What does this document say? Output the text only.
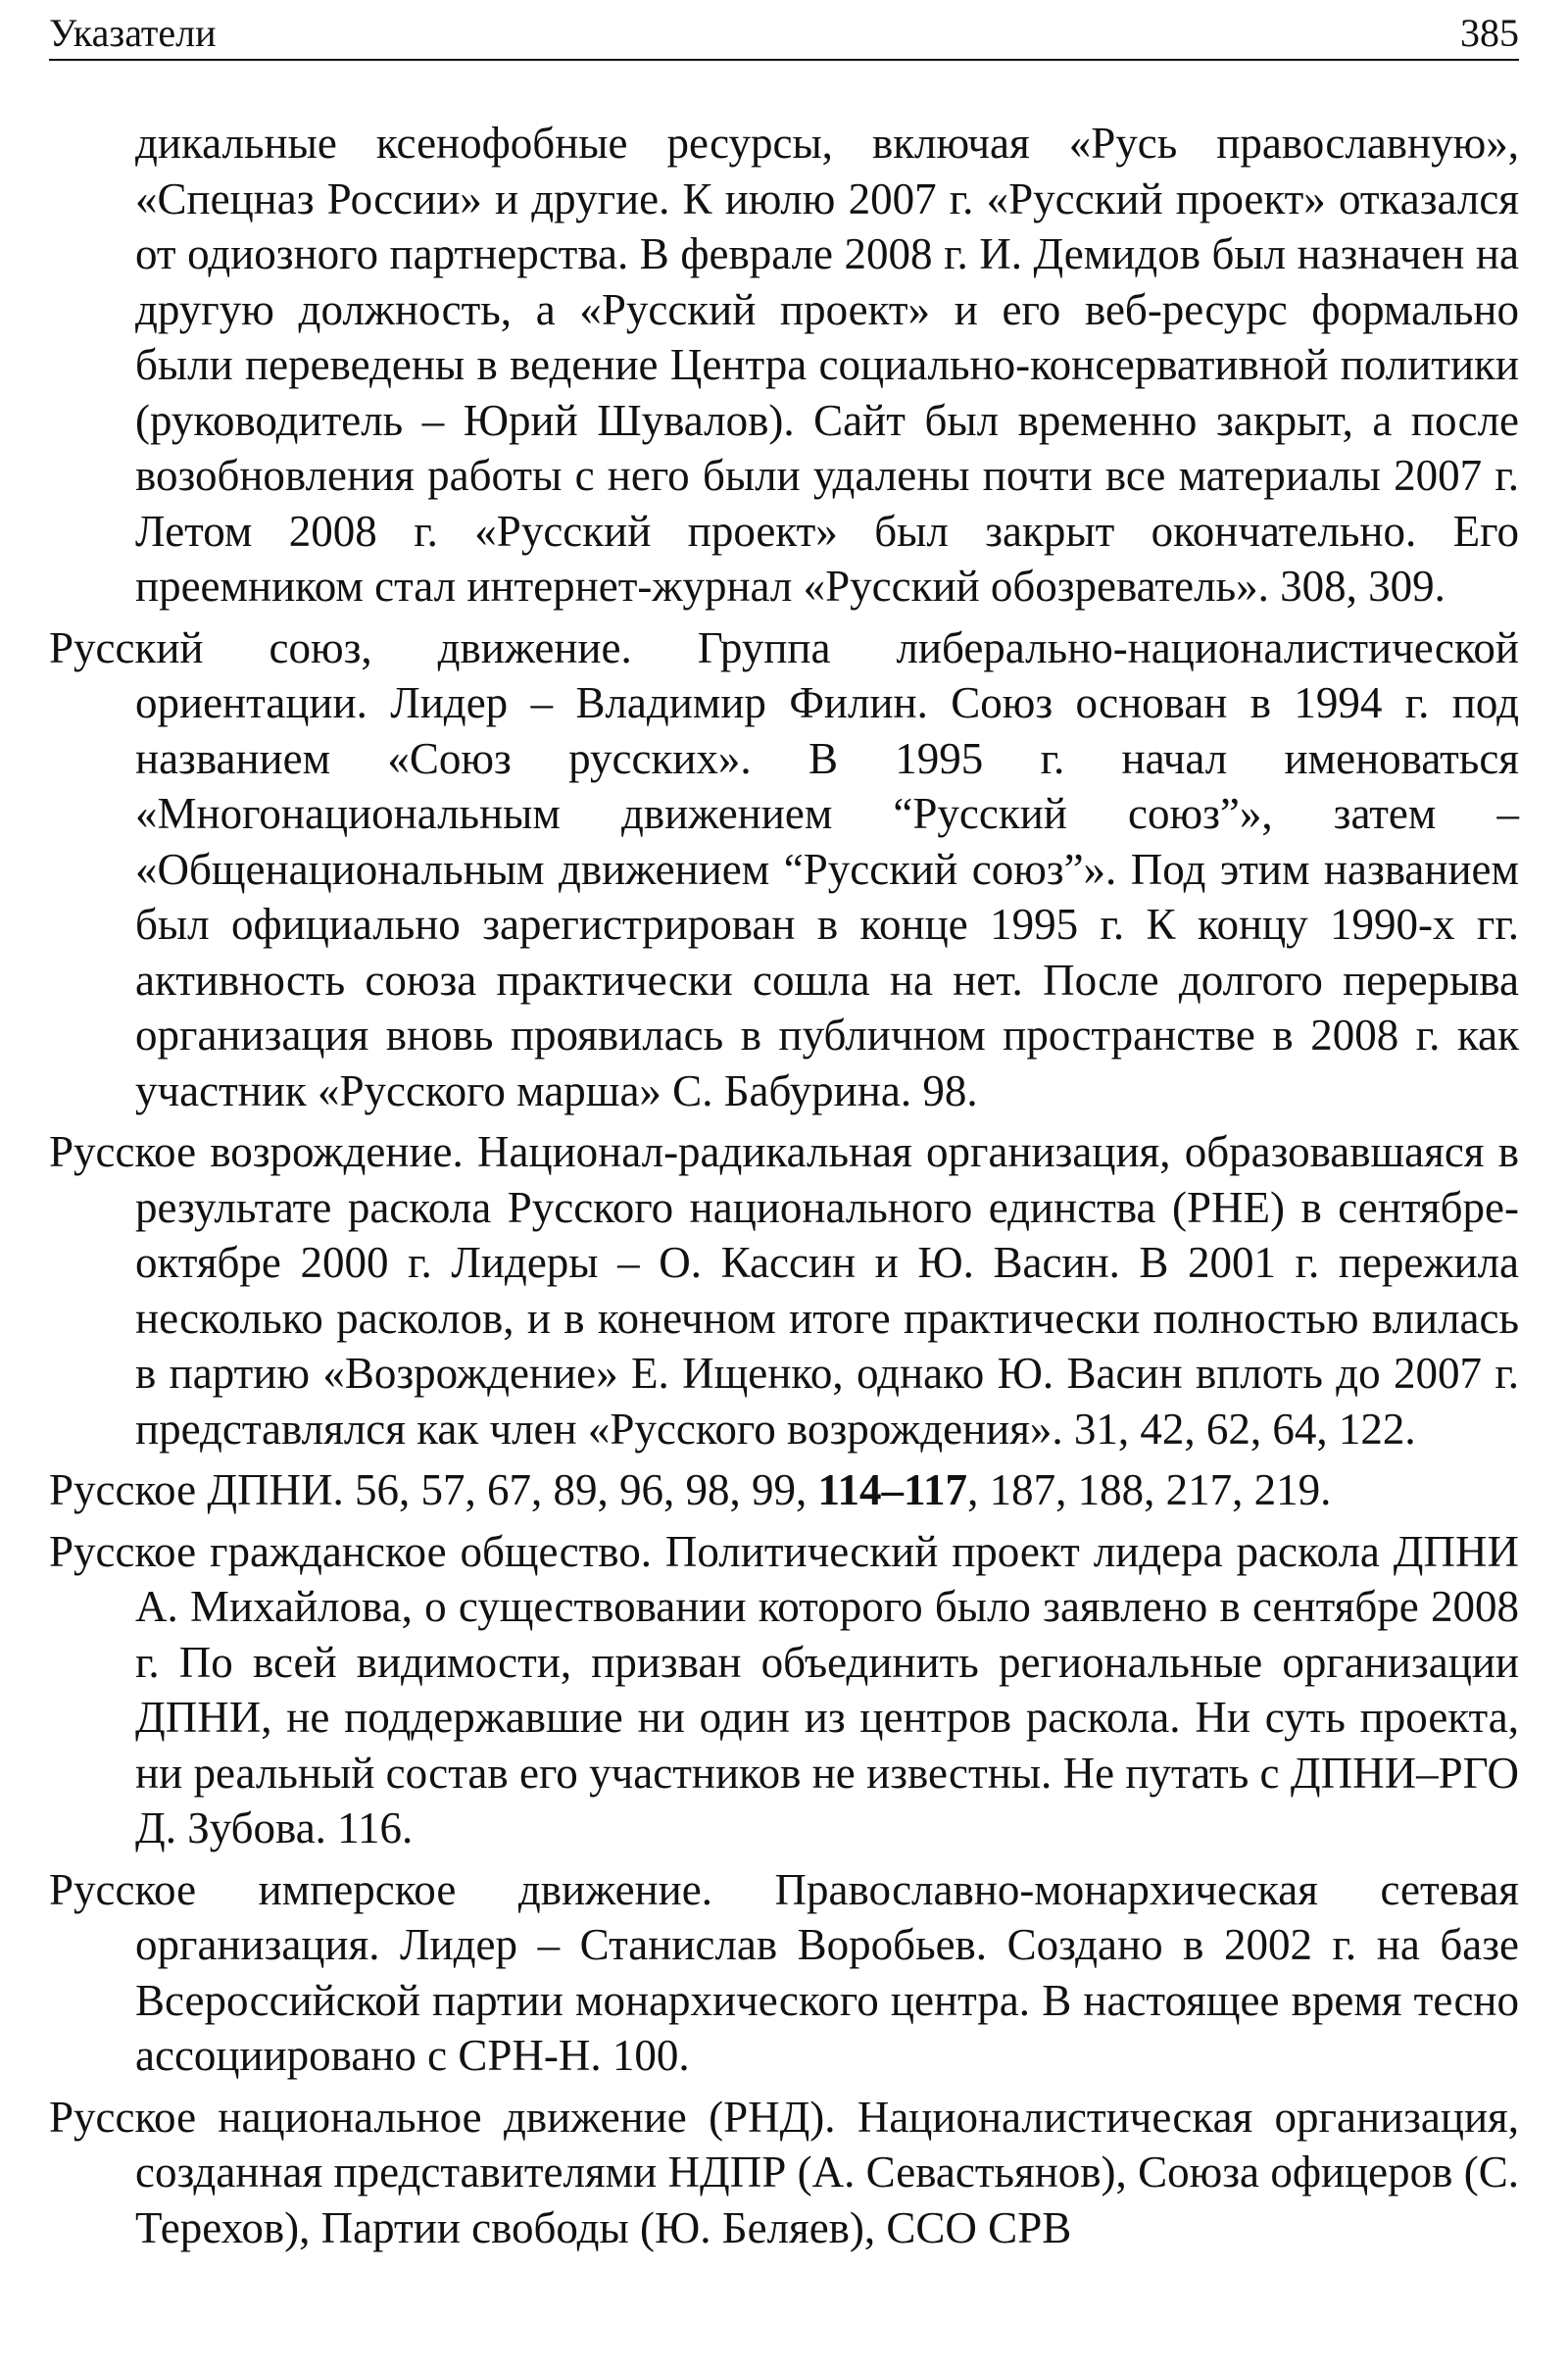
Указатели	385

дикальные ксенофобные ресурсы, включая «Русь православную», «Спецназ России» и другие. К июлю 2007 г. «Русский проект» отказался от одиозного партнерства. В феврале 2008 г. И. Демидов был назначен на другую должность, а «Русский проект» и его веб-ресурс формально были переведены в ведение Центра социально-консервативной политики (руководитель – Юрий Шувалов). Сайт был временно закрыт, а после возобновления работы с него были удалены почти все материалы 2007 г. Летом 2008 г. «Русский проект» был закрыт окончательно. Его преемником стал интернет-журнал «Русский обозреватель». 308, 309.

Русский союз, движение. Группа либерально-националистической ориентации. Лидер – Владимир Филин. Союз основан в 1994 г. под названием «Союз русских». В 1995 г. начал именоваться «Многонациональным движением “Русский союз”», затем – «Общенациональным движением “Русский союз”». Под этим названием был официально зарегистрирован в конце 1995 г. К концу 1990-х гг. активность союза практически сошла на нет. После долгого перерыва организация вновь проявилась в публичном пространстве в 2008 г. как участник «Русского марша» С. Бабурина. 98.

Русское возрождение. Национал-радикальная организация, образовавшаяся в результате раскола Русского национального единства (РНЕ) в сентябре-октябре 2000 г. Лидеры – О. Кассин и Ю. Васин. В 2001 г. пережила несколько расколов, и в конечном итоге практически полностью влилась в партию «Возрождение» Е. Ищенко, однако Ю. Васин вплоть до 2007 г. представлялся как член «Русского возрождения». 31, 42, 62, 64, 122.

Русское ДПНИ. 56, 57, 67, 89, 96, 98, 99, 114–117, 187, 188, 217, 219.

Русское гражданское общество. Политический проект лидера раскола ДПНИ А. Михайлова, о существовании которого было заявлено в сентябре 2008 г. По всей видимости, призван объединить региональные организации ДПНИ, не поддержавшие ни один из центров раскола. Ни суть проекта, ни реальный состав его участников не известны. Не путать с ДПНИ–РГО Д. Зубова. 116.

Русское имперское движение. Православно-монархическая сетевая организация. Лидер – Станислав Воробьев. Создано в 2002 г. на базе Всероссийской партии монархического центра. В настоящее время тесно ассоциировано с СРН-Н. 100.

Русское национальное движение (РНД). Националистическая организация, созданная представителями НДПР (А. Севастьянов), Союза офицеров (С. Терехов), Партии свободы (Ю. Беляев), ССО СРВ
